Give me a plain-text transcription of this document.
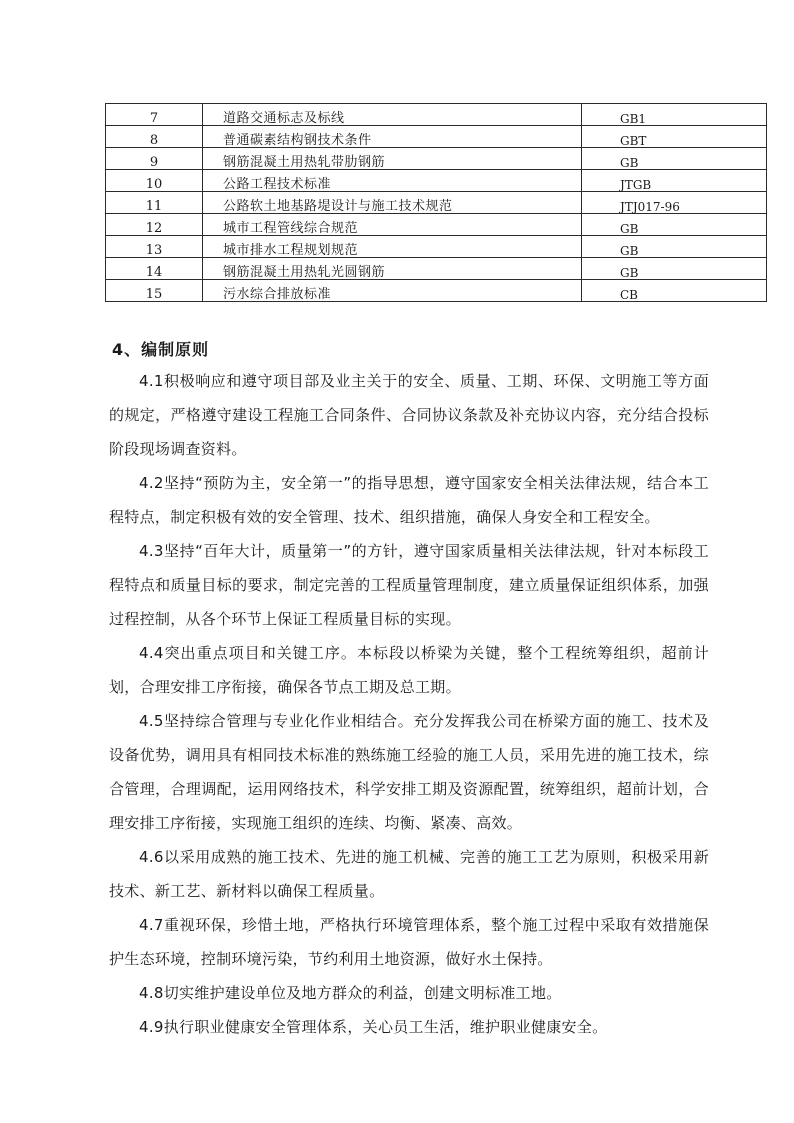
7	道路交通标志及标线	GB1
8	普通碳素结构钢技术条件	GBT
9	钢筋混凝土用热轧带肋钢筋	GB
10	公路工程技术标准	JTGB
11	公路软土地基路堤设计与施工技术规范	JTJ017-96
12	城市工程管线综合规范	GB
13	城市排水工程规划规范	GB
14	钢筋混凝土用热轧光圆钢筋	GB
15	污水综合排放标准	CB
4、编制原则

4.1积极响应和遵守项目部及业主关于的安全、质量、工期、环保、文明施工等方面的规定，严格遵守建设工程施工合同条件、合同协议条款及补充协议内容，充分结合投标阶段现场调查资料。

4.2坚持“预防为主，安全第一”的指导思想，遵守国家安全相关法律法规，结合本工程特点，制定积极有效的安全管理、技术、组织措施，确保人身安全和工程安全。

4.3坚持“百年大计，质量第一”的方针，遵守国家质量相关法律法规，针对本标段工程特点和质量目标的要求，制定完善的工程质量管理制度，建立质量保证组织体系，加强过程控制，从各个环节上保证工程质量目标的实现。

4.4突出重点项目和关键工序。本标段以桥梁为关键，整个工程统筹组织，超前计划，合理安排工序衔接，确保各节点工期及总工期。

4.5坚持综合管理与专业化作业相结合。充分发挥我公司在桥梁方面的施工、技术及设备优势，调用具有相同技术标准的熟练施工经验的施工人员，采用先进的施工技术，综合管理，合理调配，运用网络技术，科学安排工期及资源配置，统筹组织，超前计划，合理安排工序衔接，实现施工组织的连续、均衡、紧凑、高效。

4.6以采用成熟的施工技术、先进的施工机械、完善的施工工艺为原则，积极采用新技术、新工艺、新材料以确保工程质量。

4.7重视环保，珍惜土地，严格执行环境管理体系，整个施工过程中采取有效措施保护生态环境，控制环境污染，节约利用土地资源，做好水土保持。

4.8切实维护建设单位及地方群众的利益，创建文明标准工地。

4.9执行职业健康安全管理体系，关心员工生活，维护职业健康安全。
